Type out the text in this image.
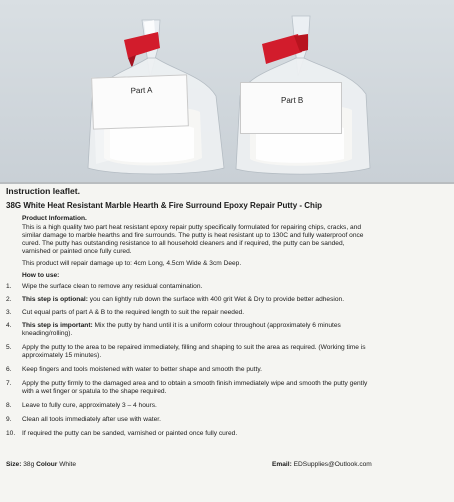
Part A
Part B
Instruction leaflet.
38G White Heat Resistant Marble Hearth & Fire Surround Epoxy Repair Putty - Chip
Product Information.
This is a high quality two part heat resistant epoxy repair putty specifically formulated for repairing chips, cracks, and
similar damage to marble hearths and fire surrounds. The putty is heat resistant up to 130C and fully waterproof once
cured. The putty has outstanding resistance to all household cleaners and if required, the putty can be sanded,
varnished or painted once fully cured.
This product will repair damage up to: 4cm Long, 4.5cm Wide & 3cm Deep.
How to use:
1. Wipe the surface clean to remove any residual contamination.
2. This step is optional: you can lightly rub down the surface with 400 grit Wet & Dry to provide better adhesion.
3. Cut equal parts of part A & B to the required length to suit the repair needed.
4. This step is important: Mix the putty by hand until it is a uniform colour throughout (approximately 6 minutes
kneading/rolling).
5. Apply the putty to the area to be repaired immediately, filling and shaping to suit the area as required. (Working time is
approximately 15 minutes).
6. Keep fingers and tools moistened with water to better shape and smooth the putty.
7. Apply the putty firmly to the damaged area and to obtain a smooth finish immediately wipe and smooth the putty gently
with a wet finger or spatula to the shape required.
8. Leave to fully cure, approximately 3 – 4 hours.
9. Clean all tools immediately after use with water.
10. If required the putty can be sanded, varnished or painted once fully cured.
Size: 38g Colour White	Email: EDSupplies@Outlook.com
